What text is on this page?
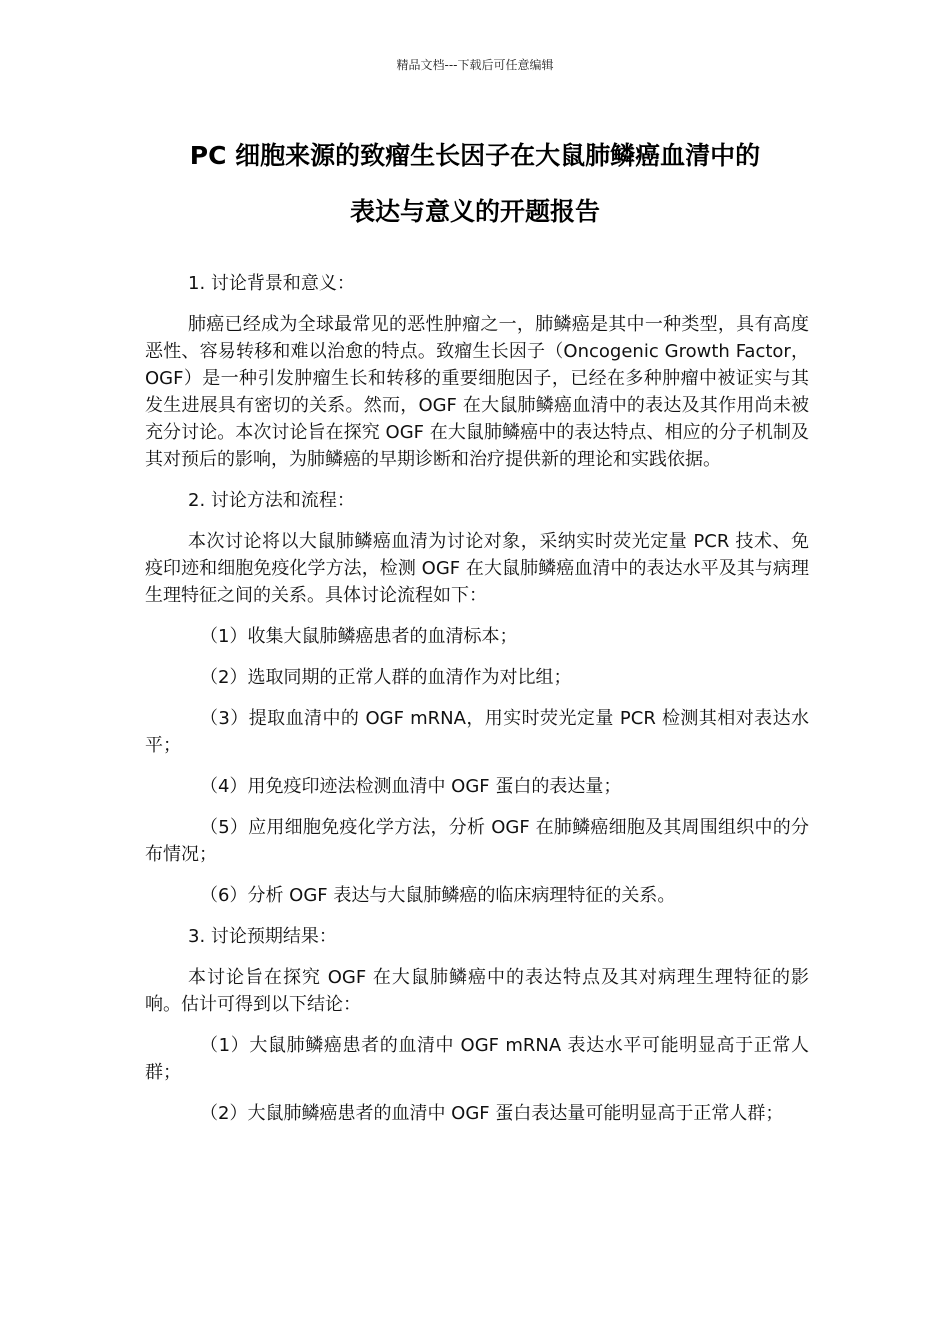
精品文档---下载后可任意编辑
PC 细胞来源的致瘤生长因子在大鼠肺鳞癌血清中的
表达与意义的开题报告

1. 讨论背景和意义：

肺癌已经成为全球最常见的恶性肿瘤之一，肺鳞癌是其中一种类型，具有高度恶性、容易转移和难以治愈的特点。致瘤生长因子（Oncogenic Growth Factor，OGF）是一种引发肿瘤生长和转移的重要细胞因子，已经在多种肿瘤中被证实与其发生进展具有密切的关系。然而，OGF 在大鼠肺鳞癌血清中的表达及其作用尚未被充分讨论。本次讨论旨在探究 OGF 在大鼠肺鳞癌中的表达特点、相应的分子机制及其对预后的影响，为肺鳞癌的早期诊断和治疗提供新的理论和实践依据。

2. 讨论方法和流程：

本次讨论将以大鼠肺鳞癌血清为讨论对象，采纳实时荧光定量 PCR 技术、免疫印迹和细胞免疫化学方法，检测 OGF 在大鼠肺鳞癌血清中的表达水平及其与病理生理特征之间的关系。具体讨论流程如下：

（1）收集大鼠肺鳞癌患者的血清标本；

（2）选取同期的正常人群的血清作为对比组；

（3）提取血清中的 OGF mRNA，用实时荧光定量 PCR 检测其相对表达水平；

（4）用免疫印迹法检测血清中 OGF 蛋白的表达量；

（5）应用细胞免疫化学方法，分析 OGF 在肺鳞癌细胞及其周围组织中的分布情况；

（6）分析 OGF 表达与大鼠肺鳞癌的临床病理特征的关系。

3. 讨论预期结果：

本讨论旨在探究 OGF 在大鼠肺鳞癌中的表达特点及其对病理生理特征的影响。估计可得到以下结论：

（1）大鼠肺鳞癌患者的血清中 OGF mRNA 表达水平可能明显高于正常人群；

（2）大鼠肺鳞癌患者的血清中 OGF 蛋白表达量可能明显高于正常人群；
